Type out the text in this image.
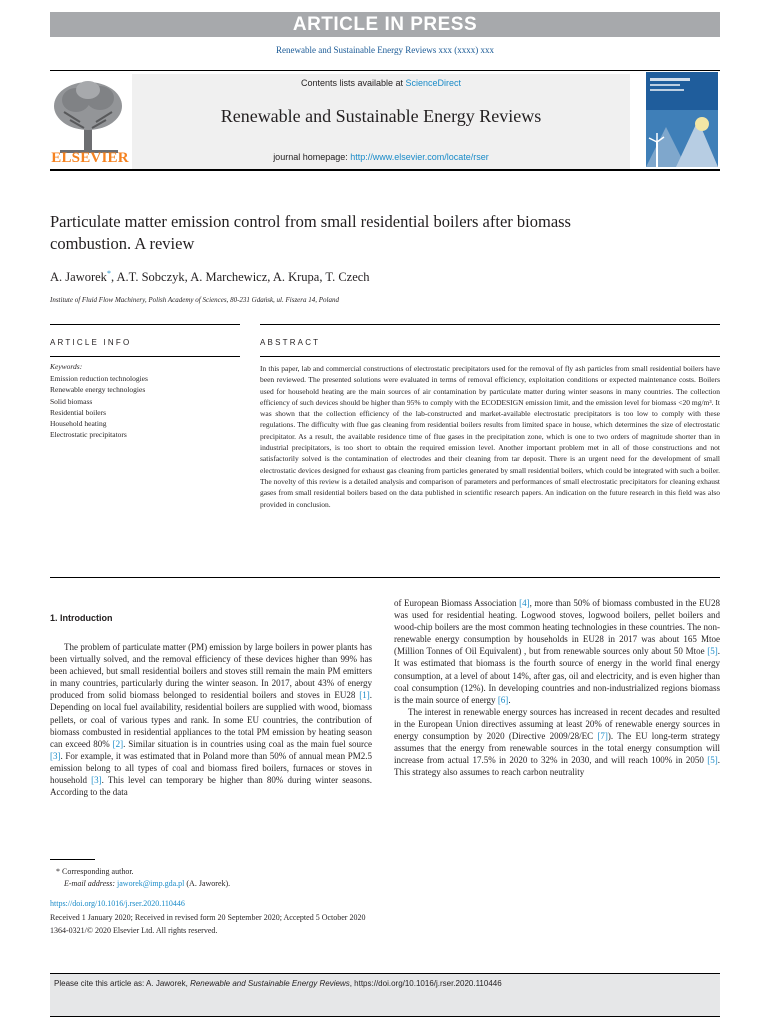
ARTICLE IN PRESS
Renewable and Sustainable Energy Reviews xxx (xxxx) xxx
ELSEVIER
Contents lists available at ScienceDirect
Renewable and Sustainable Energy Reviews
journal homepage: http://www.elsevier.com/locate/rser
Particulate matter emission control from small residential boilers after biomass combustion. A review
A. Jaworek*, A.T. Sobczyk, A. Marchewicz, A. Krupa, T. Czech
Institute of Fluid Flow Machinery, Polish Academy of Sciences, 80-231 Gdańsk, ul. Fiszera 14, Poland
ARTICLE INFO	ABSTRACT
Keywords:
Emission reduction technologies
Renewable energy technologies
Solid biomass
Residential boilers
Household heating
Electrostatic precipitators
In this paper, lab and commercial constructions of electrostatic precipitators used for the removal of fly ash particles from small residential boilers have been reviewed. The presented solutions were evaluated in terms of removal efficiency, exploitation conditions or expected maintenance costs. Boilers used for household heating are the main sources of air contamination by particulate matter during winter seasons in many countries. The collection efficiency of such devices should be higher than 95% to comply with the ECODESIGN emission limit, and the emission level for biomass <20 mg/m³. It was shown that the collection efficiency of the lab-constructed and market-available electrostatic precipitators is too low to comply with these regulations. The difficulty with flue gas cleaning from residential boilers results from limited space in house, which determines the size of electrostatic precipitator. As a result, the available residence time of flue gases in the precipitation zone, which is one to two orders of magnitude shorter than in industrial precipitators, is too short to obtain the required emission level. Another important problem met in all of those constructions and not satisfactorily solved is the contamination of electrodes and their cleaning from tar deposit. There is an urgent need for the development of small electrostatic devices designed for exhaust gas cleaning from particles generated by small residential boilers, which could be integrated with such a boiler. The novelty of this review is a detailed analysis and comparison of parameters and performances of small electrostatic precipitators for cleaning exhaust gases from small residential boilers based on the data published in scientific research papers. An indication on the future research in this field was also provided in conclusion.
1. Introduction

The problem of particulate matter (PM) emission by large boilers in power plants has been virtually solved, and the removal efficiency of these devices higher than 99% has been achieved, but small residential boilers and stoves still remain the main PM emitters in many countries, particularly during the winter season. In 2017, about 43% of energy produced from solid biomass belonged to residential boilers and stoves in EU28 [1]. Depending on local fuel availability, residential boilers are supplied with wood, biomass pellets, or coal of various types and rank. In some EU countries, the contribution of biomass combusted in residential appliances to the total PM emission by heating season can exceed 80% [2]. Similar situation is in countries using coal as the main fuel source [3]. For example, it was estimated that in Poland more than 50% of annual mean PM2.5 emission belong to all types of coal and biomass fired boilers, furnaces or stoves in household [3]. This level can temporary be higher than 80% during winter seasons. According to the data

of European Biomass Association [4], more than 50% of biomass combusted in the EU28 was used for residential heating. Logwood stoves, logwood boilers, pellet boilers and wood-chip boilers are the most common heating technologies in these countries. The non-renewable energy consumption by households in EU28 in 2017 was about 165 Mtoe (Million Tonnes of Oil Equivalent) , but from renewable sources only about 50 Mtoe [5]. It was estimated that biomass is the fourth source of energy in the world final energy consumption, at a level of about 14%, after gas, oil and electricity, and is even higher than coal consumption (12%). In developing countries and non-industrialized regions biomass is the main source of energy [6].

The interest in renewable energy sources has increased in recent decades and resulted in the European Union directives assuming at least 20% of renewable energy sources in energy consumption by 2020 (Directive 2009/28/EC [7]). The EU long-term strategy assumes that the energy from renewable sources in the total energy consumption will increase from actual 17.5% in 2020 to 32% in 2030, and will reach 100% in 2050 [5]. This strategy also assumes to reach carbon neutrality

* Corresponding author.
E-mail address: jaworek@imp.gda.pl (A. Jaworek).
https://doi.org/10.1016/j.rser.2020.110446
Received 1 January 2020; Received in revised form 20 September 2020; Accepted 5 October 2020
1364-0321/© 2020 Elsevier Ltd. All rights reserved.
Please cite this article as: A. Jaworek, Renewable and Sustainable Energy Reviews, https://doi.org/10.1016/j.rser.2020.110446
